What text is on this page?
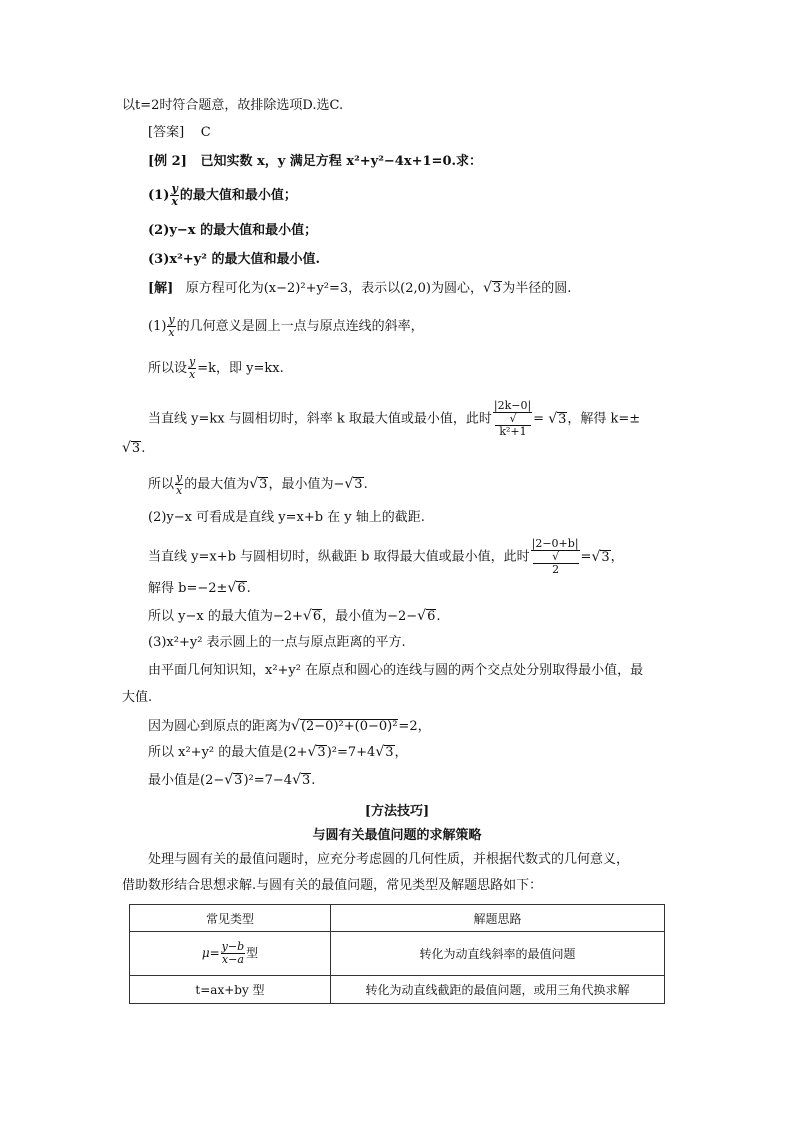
以t=2时符合题意，故排除选项D.选C.
[答案] C
[例 2] 已知实数 x，y 满足方程 x²+y²−4x+1=0.求：
$(1) \frac{y}{x}$ 的最大值和最小值；
(2)y−x 的最大值和最小值；
(3)x²+y² 的最大值和最小值.
[解] 原方程可化为(x−2)²+y²=3，表示以(2,0)为圆心，√3为半径的圆.
$(1) \frac{y}{x}$ 的几何意义是圆上一点与原点连线的斜率，
所以设 $\frac{y}{x} =k$，即 y=kx.
当直线 y=kx 与圆相切时，斜率 k 取最大值或最小值，此时 |2k−0|
√
k²+1 = √3，解得 k=±
√3.
所以 $\frac{y}{x}$ 的最大值为√3，最小值为−√3.
(2)y−x 可看成是直线 y=x+b 在 y 轴上的截距.
当直线 y=x+b 与圆相切时，纵截距 b 取得最大值或最小值，此时 |2−0+b|
√
2 =√3，
解得 b=−2±√6.
所以 y−x 的最大值为−2+√6，最小值为−2−√6.
(3)x²+y² 表示圆上的一点与原点距离的平方.
由平面几何知识知，x²+y² 在原点和圆心的连线与圆的两个交点处分别取得最小值，最
大值.
因为圆心到原点的距离为√(2−0)²+(0−0)²=2，
所以 x²+y² 的最大值是(2+√3)²=7+4√3，
最小值是(2−√3)²=7−4√3.
[方法技巧]
与圆有关最值问题的求解策略
处理与圆有关的最值问题时，应充分考虑圆的几何性质，并根据代数式的几何意义，
借助数形结合思想求解.与圆有关的最值问题，常见类型及解题思路如下：
常见类型	解题思路
$\mu= \frac{y-b}{x-a}$ 型	转化为动直线斜率的最值问题
t=ax+by 型	转化为动直线截距的最值问题，或用三角代换求解
